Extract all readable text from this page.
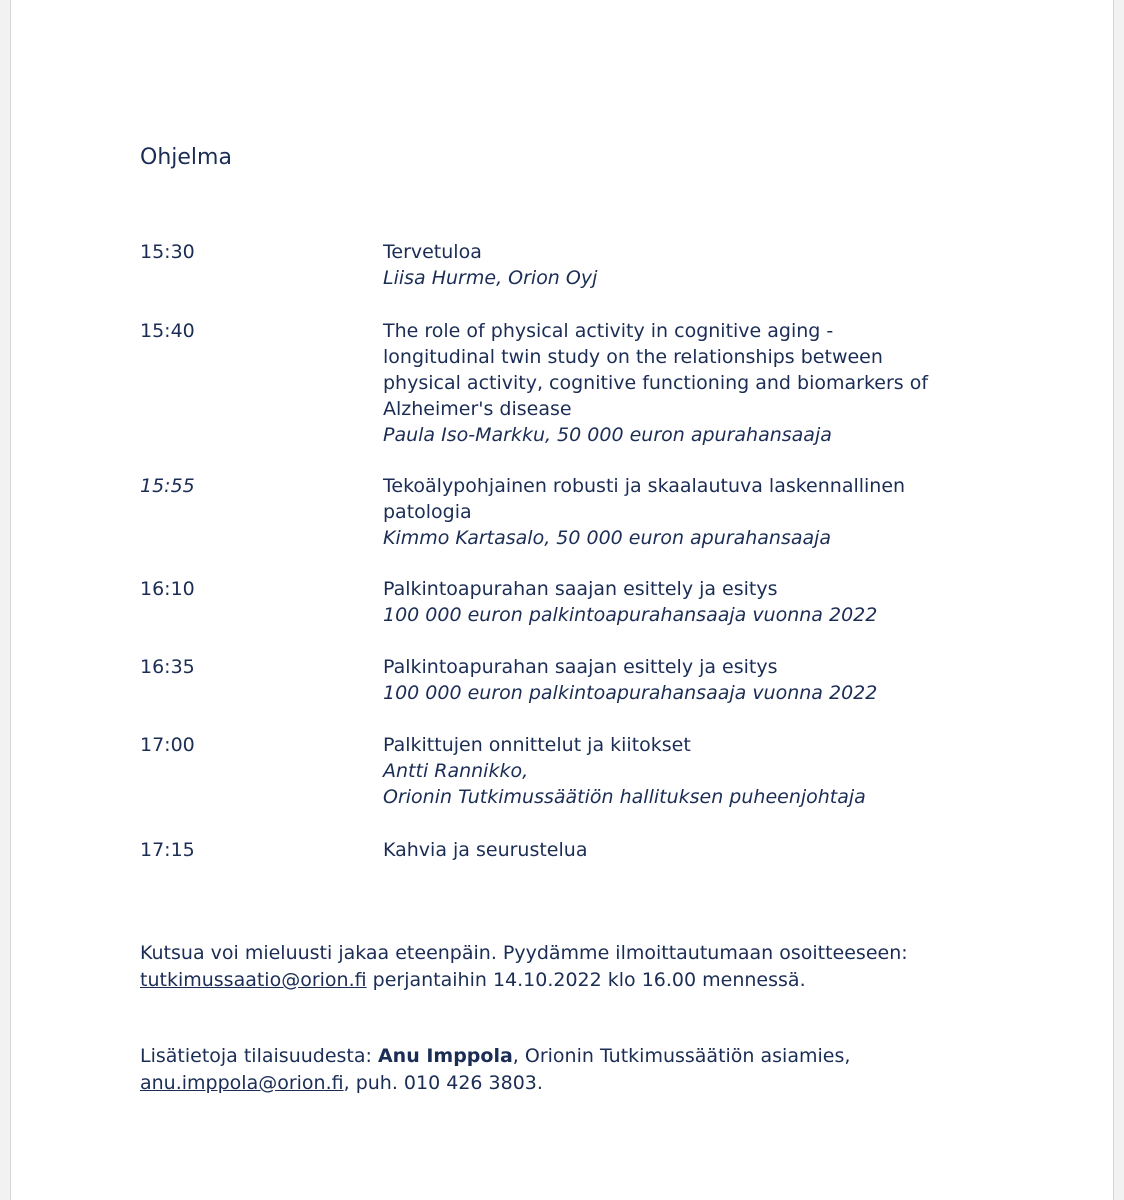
Ohjelma
15:30	Tervetuloa
Liisa Hurme, Orion Oyj
15:40	The role of physical activity in cognitive aging -
longitudinal twin study on the relationships between
physical activity, cognitive functioning and biomarkers of
Alzheimer's disease
Paula Iso-Markku, 50 000 euron apurahansaaja
15:55	Tekoälypohjainen robusti ja skaalautuva laskennallinen
patologia
Kimmo Kartasalo, 50 000 euron apurahansaaja
16:10	Palkintoapurahan saajan esittely ja esitys
100 000 euron palkintoapurahansaaja vuonna 2022
16:35	Palkintoapurahan saajan esittely ja esitys
100 000 euron palkintoapurahansaaja vuonna 2022
17:00	Palkittujen onnittelut ja kiitokset
Antti Rannikko,
Orionin Tutkimussäätiön hallituksen puheenjohtaja
17:15	Kahvia ja seurustelua
Kutsua voi mieluusti jakaa eteenpäin. Pyydämme ilmoittautumaan osoitteeseen:
tutkimussaatio@orion.fi perjantaihin 14.10.2022 klo 16.00 mennessä.
Lisätietoja tilaisuudesta: Anu Imppola, Orionin Tutkimussäätiön asiamies,
anu.imppola@orion.fi, puh. 010 426 3803.
